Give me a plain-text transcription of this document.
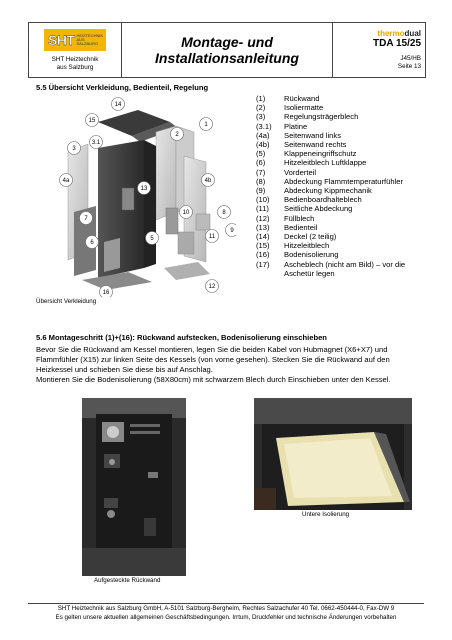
SHT HEIZTECHNIK AUS SALZBURG
SHT Heiztechnik
aus Salzburg
Montage- und
Installationsanleitung
thermodual
TDA 15/25
J45/HB
Seite 13
5.5 Übersicht Verkleidung, Bedienteil, Regelung
14
15
3
3.1
2
1
4a
13
4b
7
8
10
9
6
5	11
16
12
Übersicht Verkleidung
(1)	Rückwand
(2)	Isoliermatte
(3)	Regelungsträgerblech
(3.1)	Platine
(4a)	Seitenwand links
(4b)	Seitenwand rechts
(5)	Klappeneingriffschutz
(6)	Hitzeleitblech Luftklappe
(7)	Vorderteil
(8)	Abdeckung Flammtemperaturfühler
(9)	Abdeckung Kippmechanik
(10)	Bedienboardhalteblech
(11)	Seitliche Abdeckung
(12)	Füllblech
(13)	Bedienteil
(14)	Deckel (2 teilig)
(15)	Hitzeleitblech
(16)	Bodenisolierung
(17)	Ascheblech (nicht am Bild) – vor die Aschetür legen
5.6 Montageschritt (1)+(16): Rückwand aufstecken, Bodenisolierung einschieben
Bevor Sie die Rückwand am Kessel montieren, legen Sie die beiden Kabel von Hubmagnet (X6+X7) und Flammfühler (X15) zur linken Seite des Kessels (von vorne gesehen). Stecken Sie die Rückwand auf den Heizkessel und schieben Sie diese bis auf Anschlag.
Montieren Sie die Bodenisolierung (58X80cm) mit schwarzem Blech durch Einschieben unter den Kessel.
Aufgesteckte Rückwand
Untere Isolierung
SHT Heiztechnik aus Salzburg GmbH, A-5101 Salzburg-Bergheim, Rechtes Salzachufer 40 Tel. 0662-450444-0, Fax-DW 9
Es gelten unsere aktuellen allgemeinen Geschäftsbedingungen. Irrtum, Druckfehler und technische Änderungen vorbehalten
